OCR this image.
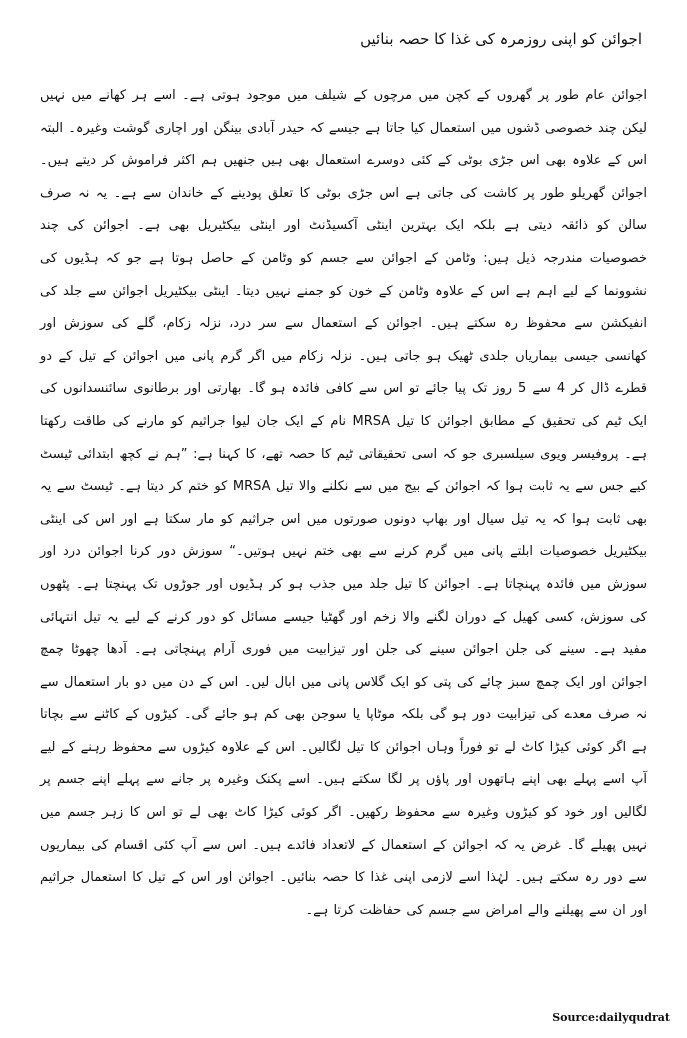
اجوائن کو اپنی روزمرہ کی غذا کا حصہ بنائیں
اجوائن عام طور پر گھروں کے کچن میں مرچوں کے شیلف میں موجود ہوتی ہے۔ اسے ہر کھانے میں نہیں لیکن چند خصوصی ڈشوں میں استعمال کیا جاتا ہے جیسے کہ حیدر آبادی بینگن اور اچاری گوشت وغیرہ۔ البتہ اس کے علاوہ بھی اس جڑی بوٹی کے کئی دوسرے استعمال بھی ہیں جنھیں ہم اکثر فراموش کر دیتے ہیں۔ اجوائن گھریلو طور پر کاشت کی جاتی ہے اس جڑی بوٹی کا تعلق پودینے کے خاندان سے ہے۔ یہ نہ صرف سالن کو ذائقہ دیتی ہے بلکہ ایک بہترین اینٹی آکسیڈنٹ اور اینٹی بیکٹیریل بھی ہے۔ اجوائن کی چند خصوصیات مندرجہ ذیل ہیں: وٹامن کے اجوائن سے جسم کو وٹامن کے حاصل ہوتا ہے جو کہ ہڈیوں کی نشوونما کے لیے اہم ہے اس کے علاوہ وٹامن کے خون کو جمنے نہیں دیتا۔ اینٹی بیکٹیریل اجوائن سے جلد کی انفیکشن سے محفوظ رہ سکتے ہیں۔ اجوائن کے استعمال سے سر درد، نزلہ زکام، گلے کی سوزش اور کھانسی جیسی بیماریاں جلدی ٹھیک ہو جاتی ہیں۔ نزلہ زکام میں اگر گرم پانی میں اجوائن کے تیل کے دو قطرے ڈال کر 4 سے 5 روز تک پیا جائے تو اس سے کافی فائدہ ہو گا۔ بھارتی اور برطانوی سائنسدانوں کی ایک ٹیم کی تحقیق کے مطابق اجوائن کا تیل MRSA نام کے ایک جان لیوا جراثیم کو مارنے کی طاقت رکھتا ہے۔ پروفیسر ویوی سیلسبری جو کہ اسی تحقیقاتی ٹیم کا حصہ تھے، کا کہنا ہے: ”ہم نے کچھ ابتدائی ٹیسٹ کیے جس سے یہ ثابت ہوا کہ اجوائن کے بیج میں سے نکلنے والا تیل MRSA کو ختم کر دیتا ہے۔ ٹیسٹ سے یہ بھی ثابت ہوا کہ یہ تیل سیال اور بھاپ دونوں صورتوں میں اس جراثیم کو مار سکتا ہے اور اس کی اینٹی بیکٹیریل خصوصیات ابلتے پانی میں گرم کرنے سے بھی ختم نہیں ہوتیں۔“ سوزش دور کرنا اجوائن درد اور سوزش میں فائدہ پہنچاتا ہے۔ اجوائن کا تیل جلد میں جذب ہو کر ہڈیوں اور جوڑوں تک پہنچتا ہے۔ پٹھوں کی سوزش، کسی کھیل کے دوران لگنے والا زخم اور گھٹیا جیسے مسائل کو دور کرنے کے لیے یہ تیل انتہائی مفید ہے۔ سینے کی جلن اجوائن سینے کی جلن اور تیزابیت میں فوری آرام پہنچاتی ہے۔ آدھا چھوٹا چمچ اجوائن اور ایک چمچ سبز چائے کی پتی کو ایک گلاس پانی میں ابال لیں۔ اس کے دن میں دو بار استعمال سے نہ صرف معدے کی تیزابیت دور ہو گی بلکہ موٹاپا یا سوجن بھی کم ہو جائے گی۔ کیڑوں کے کاٹنے سے بچاتا ہے اگر کوئی کیڑا کاٹ لے تو فوراً وہاں اجوائن کا تیل لگالیں۔ اس کے علاوہ کیڑوں سے محفوظ رہنے کے لیے آپ اسے پہلے بھی اپنے ہاتھوں اور پاؤں پر لگا سکتے ہیں۔ اسے پکنک وغیرہ پر جانے سے پہلے اپنے جسم پر لگالیں اور خود کو کیڑوں وغیرہ سے محفوظ رکھیں۔ اگر کوئی کیڑا کاٹ بھی لے تو اس کا زہر جسم میں نہیں پھیلے گا۔ غرض یہ کہ اجوائن کے استعمال کے لاتعداد فائدے ہیں۔ اس سے آپ کئی اقسام کی بیماریوں سے دور رہ سکتے ہیں۔ لہٰذا اسے لازمی اپنی غذا کا حصہ بنائیں۔ اجوائن اور اس کے تیل کا استعمال جراثیم اور ان سے پھیلنے والے امراض سے جسم کی حفاظت کرتا ہے۔
Source:dailyqudrat
